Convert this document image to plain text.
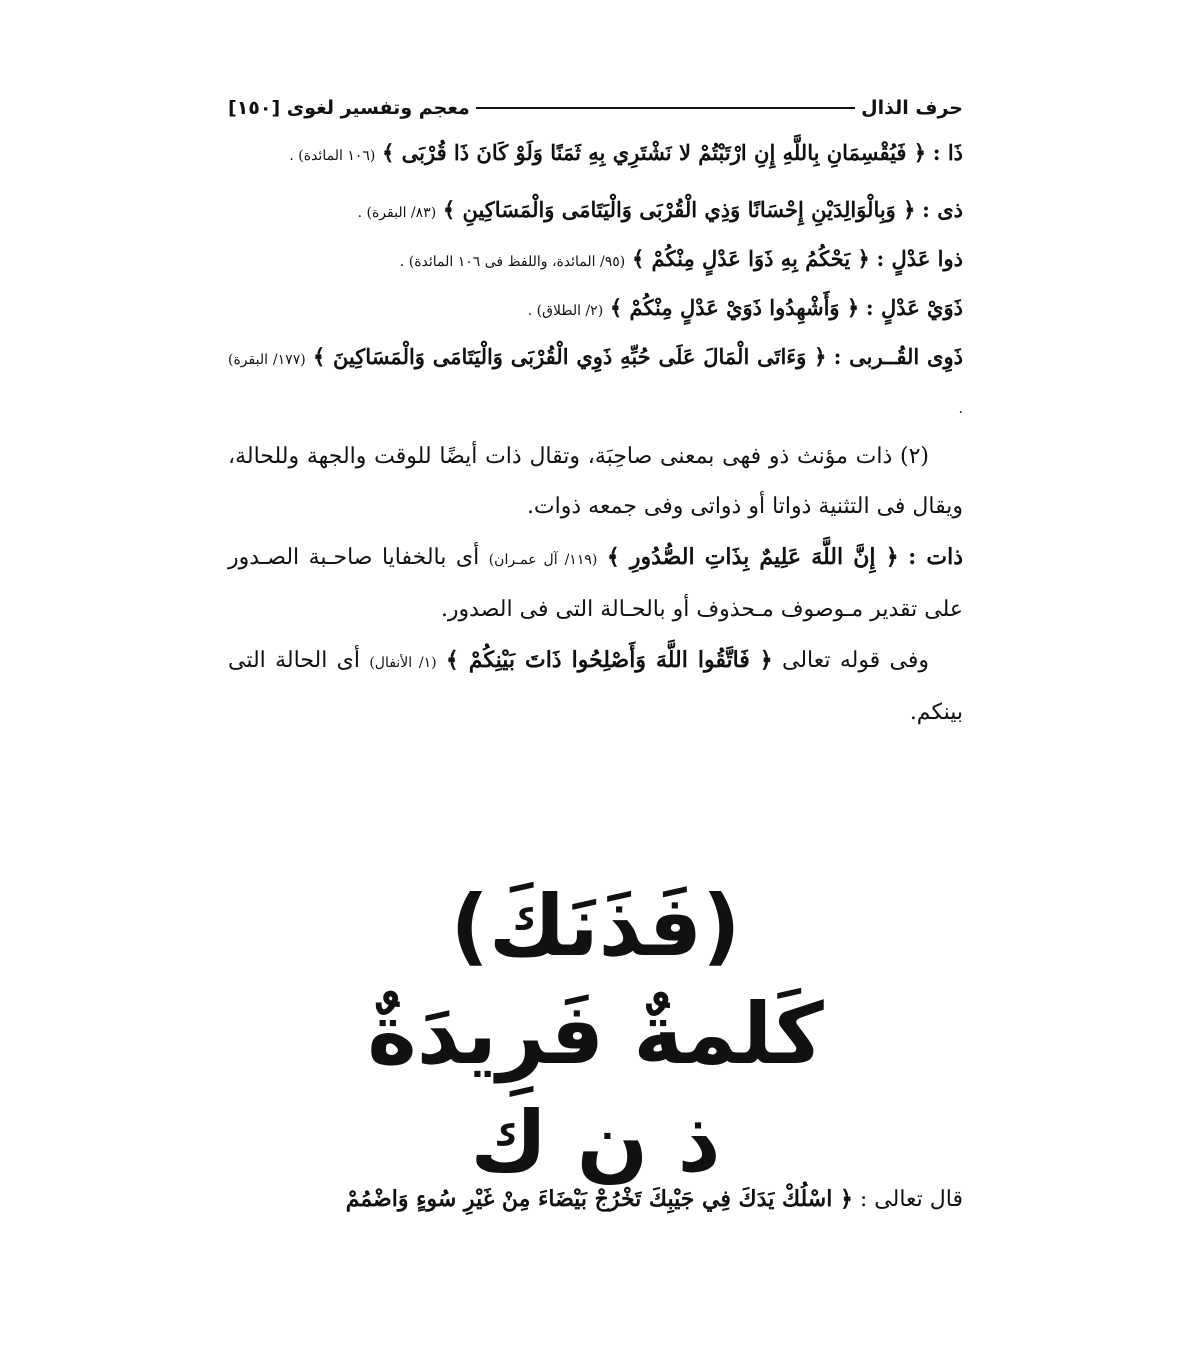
حرف الذال
معجم وتفسير لغوى [١٥٠]

ذَا : ﴿ فَيُقْسِمَانِ بِاللَّهِ إِنِ ارْتَبْتُمْ لا نَشْتَرِي بِهِ ثَمَنًا وَلَوْ كَانَ ذَا قُرْبَى ﴾ (١٠٦ المائدة) .

ذى : ﴿ وَبِالْوَالِدَيْنِ إِحْسَانًا وَذِي الْقُرْبَى وَالْيَتَامَى وَالْمَسَاكِينِ ﴾ (٨٣/ البقرة) .

ذوا عَدْلٍ : ﴿ يَحْكُمُ بِهِ ذَوَا عَدْلٍ مِنْكُمْ ﴾ (٩٥/ المائدة، واللفظ فى ١٠٦ المائدة) .

ذَوَيْ عَدْلٍ : ﴿ وَأَشْهِدُوا ذَوَيْ عَدْلٍ مِنْكُمْ ﴾ (٢/ الطلاق) .

ذَوِى القُــربى : ﴿ وَءَاتَى الْمَالَ عَلَى حُبِّهِ ذَوِي الْقُرْبَى وَالْيَتَامَى وَالْمَسَاكِينَ ﴾ (١٧٧/ البقرة) .

(٢) ذات مؤنث ذو فهى بمعنى صاحِبَة، وتقال ذات أيضًا للوقت والجهة وللحالة، ويقال فى التثنية ذواتا أو ذواتى وفى جمعه ذوات.

ذات : ﴿ إِنَّ اللَّهَ عَلِيمٌ بِذَاتِ الصُّدُورِ ﴾ (١١٩/ آل عمـران) أى بالخفايا صاحـبة الصـدور على تقدير مـوصوف مـحذوف أو بالحـالة التى فى الصدور.

وفى قوله تعالى ﴿ فَاتَّقُوا اللَّهَ وَأَصْلِحُوا ذَاتَ بَيْنِكُمْ ﴾ (١/ الأنفال) أى الحالة التى بينكم.

(فَذَنَكَ)

كَلمةٌ فَرِيدَةٌ

ذ ن ك

قال تعالى : ﴿ اسْلُكْ يَدَكَ فِي جَيْبِكَ تَخْرُجْ بَيْضَاءَ مِنْ غَيْرِ سُوءٍ وَاضْمُمْ
